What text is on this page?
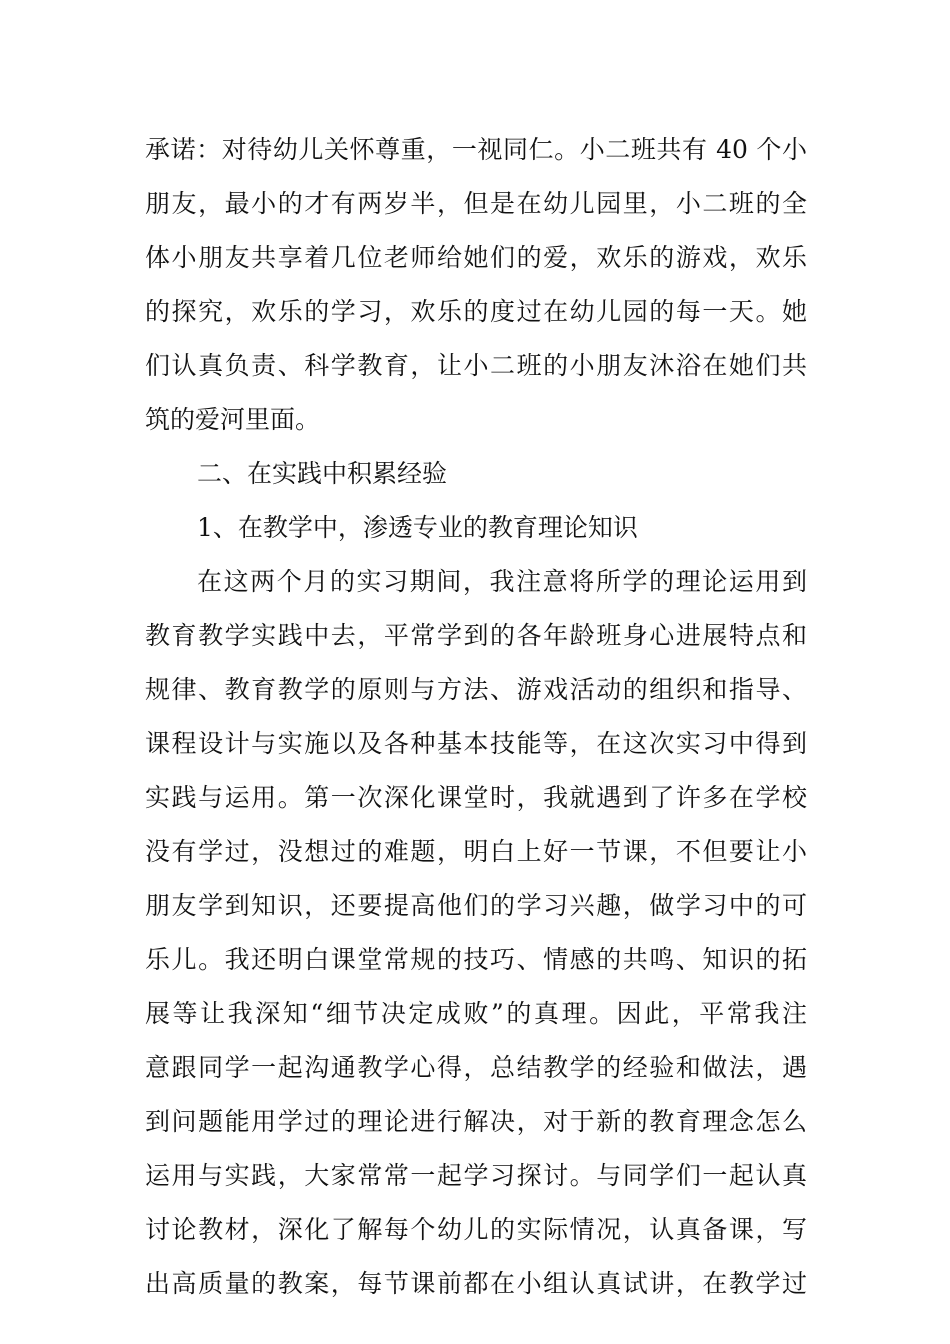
承诺：对待幼儿关怀尊重，一视同仁。小二班共有 40 个小
朋友，最小的才有两岁半，但是在幼儿园里，小二班的全
体小朋友共享着几位老师给她们的爱，欢乐的游戏，欢乐
的探究，欢乐的学习，欢乐的度过在幼儿园的每一天。她
们认真负责、科学教育，让小二班的小朋友沐浴在她们共
筑的爱河里面。
二、在实践中积累经验
1、在教学中，渗透专业的教育理论知识
在这两个月的实习期间，我注意将所学的理论运用到
教育教学实践中去，平常学到的各年龄班身心进展特点和
规律、教育教学的原则与方法、游戏活动的组织和指导、
课程设计与实施以及各种基本技能等，在这次实习中得到
实践与运用。第一次深化课堂时，我就遇到了许多在学校
没有学过，没想过的难题，明白上好一节课，不但要让小
朋友学到知识，还要提高他们的学习兴趣，做学习中的可
乐儿。我还明白课堂常规的技巧、情感的共鸣、知识的拓
展等让我深知“细节决定成败”的真理。因此，平常我注
意跟同学一起沟通教学心得，总结教学的经验和做法，遇
到问题能用学过的理论进行解决，对于新的教育理念怎么
运用与实践，大家常常一起学习探讨。与同学们一起认真
讨论教材，深化了解每个幼儿的实际情况，认真备课，写
出高质量的教案，每节课前都在小组认真试讲，在教学过
